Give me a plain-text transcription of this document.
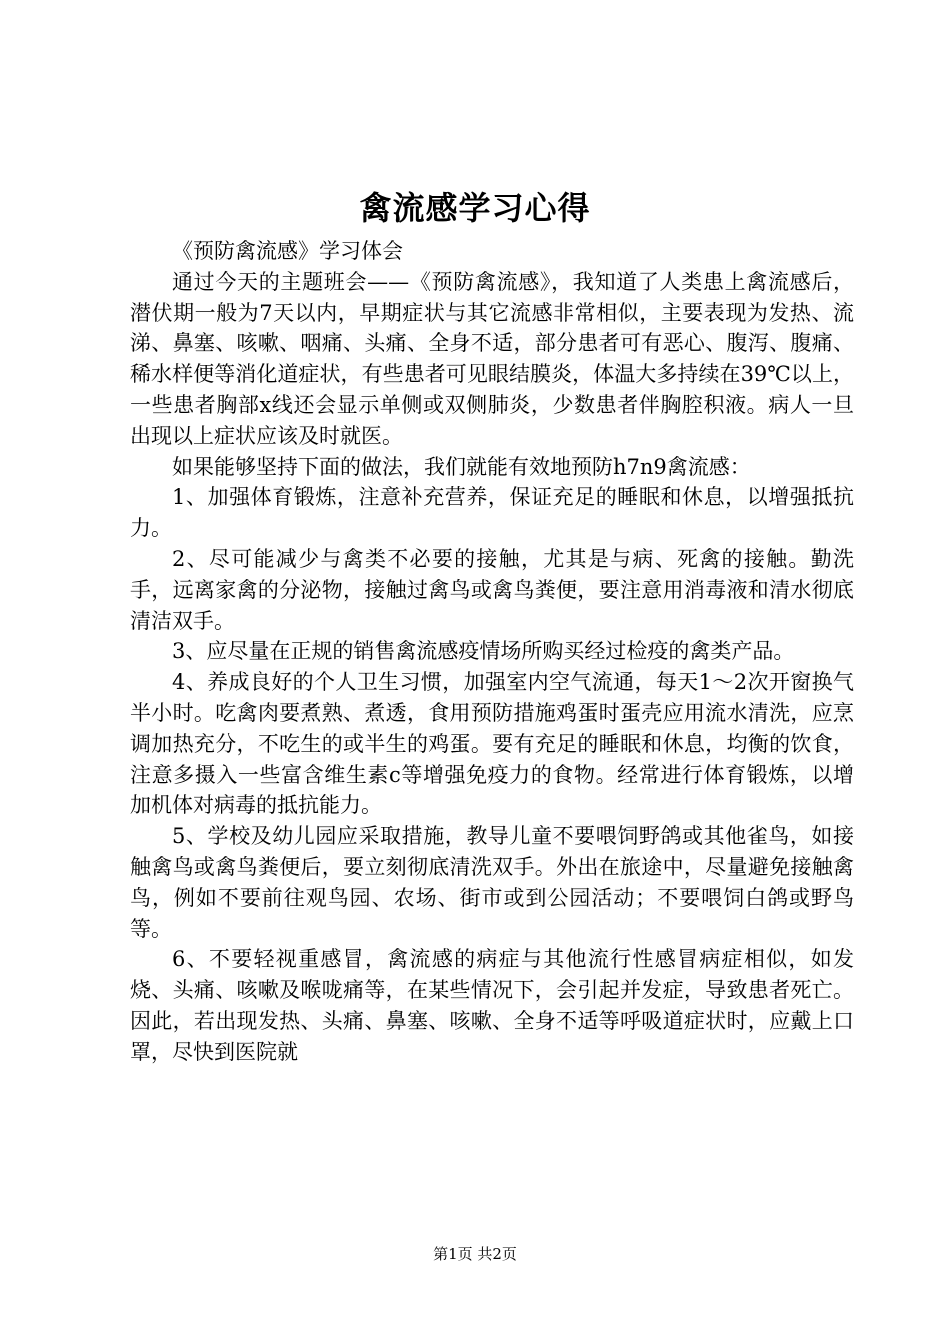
禽流感学习心得

《预防禽流感》学习体会

通过今天的主题班会——《预防禽流感》，我知道了人类患上禽流感后，潜伏期一般为7天以内，早期症状与其它流感非常相似，主要表现为发热、流涕、鼻塞、咳嗽、咽痛、头痛、全身不适，部分患者可有恶心、腹泻、腹痛、稀水样便等消化道症状，有些患者可见眼结膜炎，体温大多持续在39℃以上，一些患者胸部x线还会显示单侧或双侧肺炎，少数患者伴胸腔积液。病人一旦出现以上症状应该及时就医。

如果能够坚持下面的做法，我们就能有效地预防h7n9禽流感：

1、加强体育锻炼，注意补充营养，保证充足的睡眠和休息，以增强抵抗力。

2、尽可能减少与禽类不必要的接触，尤其是与病、死禽的接触。勤洗手，远离家禽的分泌物，接触过禽鸟或禽鸟粪便，要注意用消毒液和清水彻底清洁双手。

3、应尽量在正规的销售禽流感疫情场所购买经过检疫的禽类产品。

4、养成良好的个人卫生习惯，加强室内空气流通，每天1～2次开窗换气半小时。吃禽肉要煮熟、煮透，食用预防措施鸡蛋时蛋壳应用流水清洗，应烹调加热充分，不吃生的或半生的鸡蛋。要有充足的睡眠和休息，均衡的饮食，注意多摄入一些富含维生素c等增强免疫力的食物。经常进行体育锻炼，以增加机体对病毒的抵抗能力。

5、学校及幼儿园应采取措施，教导儿童不要喂饲野鸽或其他雀鸟，如接触禽鸟或禽鸟粪便后，要立刻彻底清洗双手。外出在旅途中，尽量避免接触禽鸟，例如不要前往观鸟园、农场、街市或到公园活动；不要喂饲白鸽或野鸟等。

6、不要轻视重感冒，禽流感的病症与其他流行性感冒病症相似，如发烧、头痛、咳嗽及喉咙痛等，在某些情况下，会引起并发症，导致患者死亡。因此，若出现发热、头痛、鼻塞、咳嗽、全身不适等呼吸道症状时，应戴上口罩，尽快到医院就

第1页 共2页
